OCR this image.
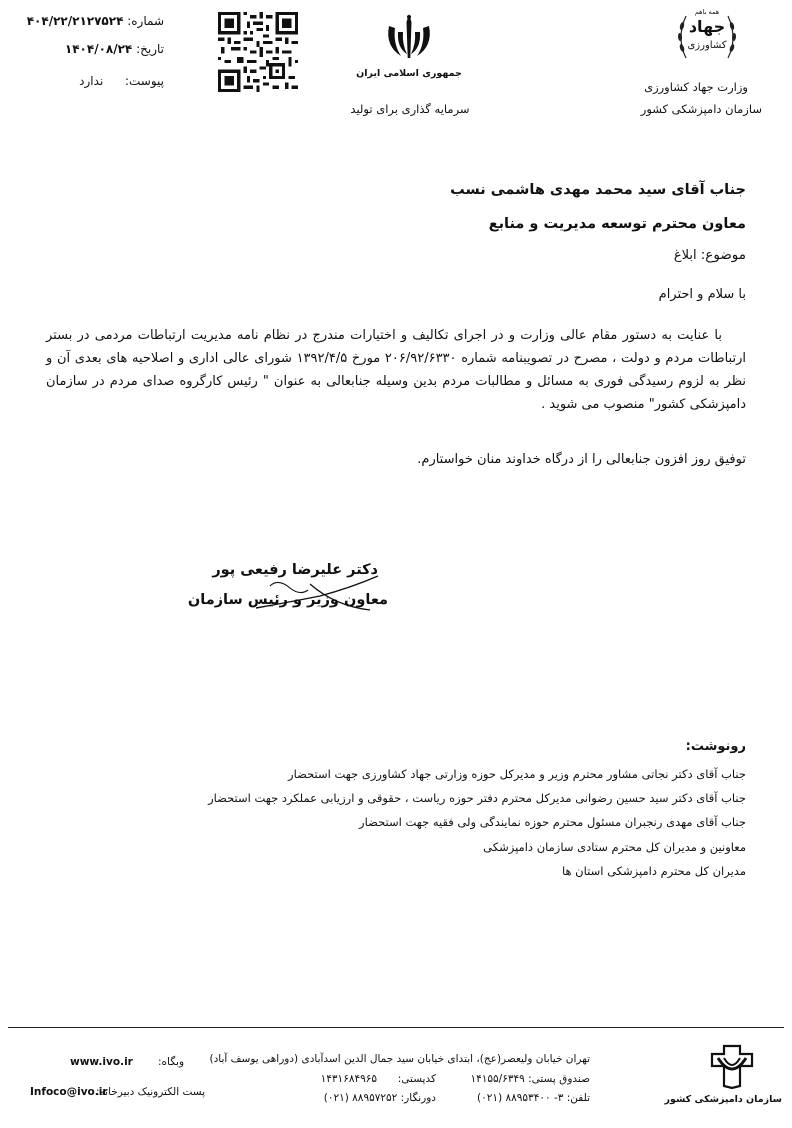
همه باهم
جهاد
کشاورزی
وزارت جهاد کشاورزی
سازمان دامپزشکی کشور
جمهوری اسلامی ایران
سرمایه گذاری برای تولید
شماره: ۴۰۴/۲۲/۲۱۲۷۵۲۴
تاریخ: ۱۴۰۴/۰۸/۲۴
پیوست:  ندارد
جناب آقای سید محمد مهدی هاشمی نسب
معاون محترم توسعه مدیریت و منابع
موضوع: ابلاغ
با سلام و احترام
با عنایت به دستور مقام عالی وزارت و در اجرای تکالیف و اختیارات مندرج در نظام نامه مدیریت ارتباطات مردمی در بستر ارتباطات مردم و دولت ، مصرح در تصویبنامه شماره ۲۰۶/۹۲/۶۳۳۰ مورخ ۱۳۹۲/۴/۵ شورای عالی اداری و اصلاحیه های بعدی آن و نظر به لزوم رسیدگی فوری به مسائل و مطالبات مردم بدین وسیله جنابعالی به عنوان " رئیس کارگروه صدای مردم در سازمان دامپزشکی کشور" منصوب می شوید .
توفیق روز افزون جنابعالی را از درگاه خداوند منان خواستارم.
دکتر علیرضا رفیعی پور
معاون وزیر و رئیس سازمان
رونوشت:
جناب آقای دکتر نجاتی مشاور محترم وزیر و مدیرکل حوزه وزارتی جهاد کشاورزی جهت استحضار
جناب آقای دکتر سید حسین رضوانی مدیرکل محترم دفتر حوزه ریاست ، حقوقی و ارزیابی عملکرد جهت استحضار
جناب آقای مهدی رنجبران مسئول محترم حوزه نمایندگی ولی فقیه جهت استحضار
معاونین و مدیران کل محترم ستادی سازمان دامپزشکی
مدیران کل محترم دامپزشکی استان ها
سازمان دامپزشکی کشور
تهران خیابان ولیعصر(عج)، ابتدای خیابان سید جمال الدین اسدآبادی (دوراهی یوسف آباد)
صندوق پستی: ۱۴۱۵۵/۶۳۴۹
کدپستی:  ۱۴۳۱۶۸۴۹۶۵
تلفن: ۳- ۸۸۹۵۳۴۰۰ (۰۲۱)
دورنگار: ۸۸۹۵۷۲۵۲ (۰۲۱)
www.ivo.ir وبگاه:
Infoco@ivo.ir
پست الکترونیک دبیرخانه:
